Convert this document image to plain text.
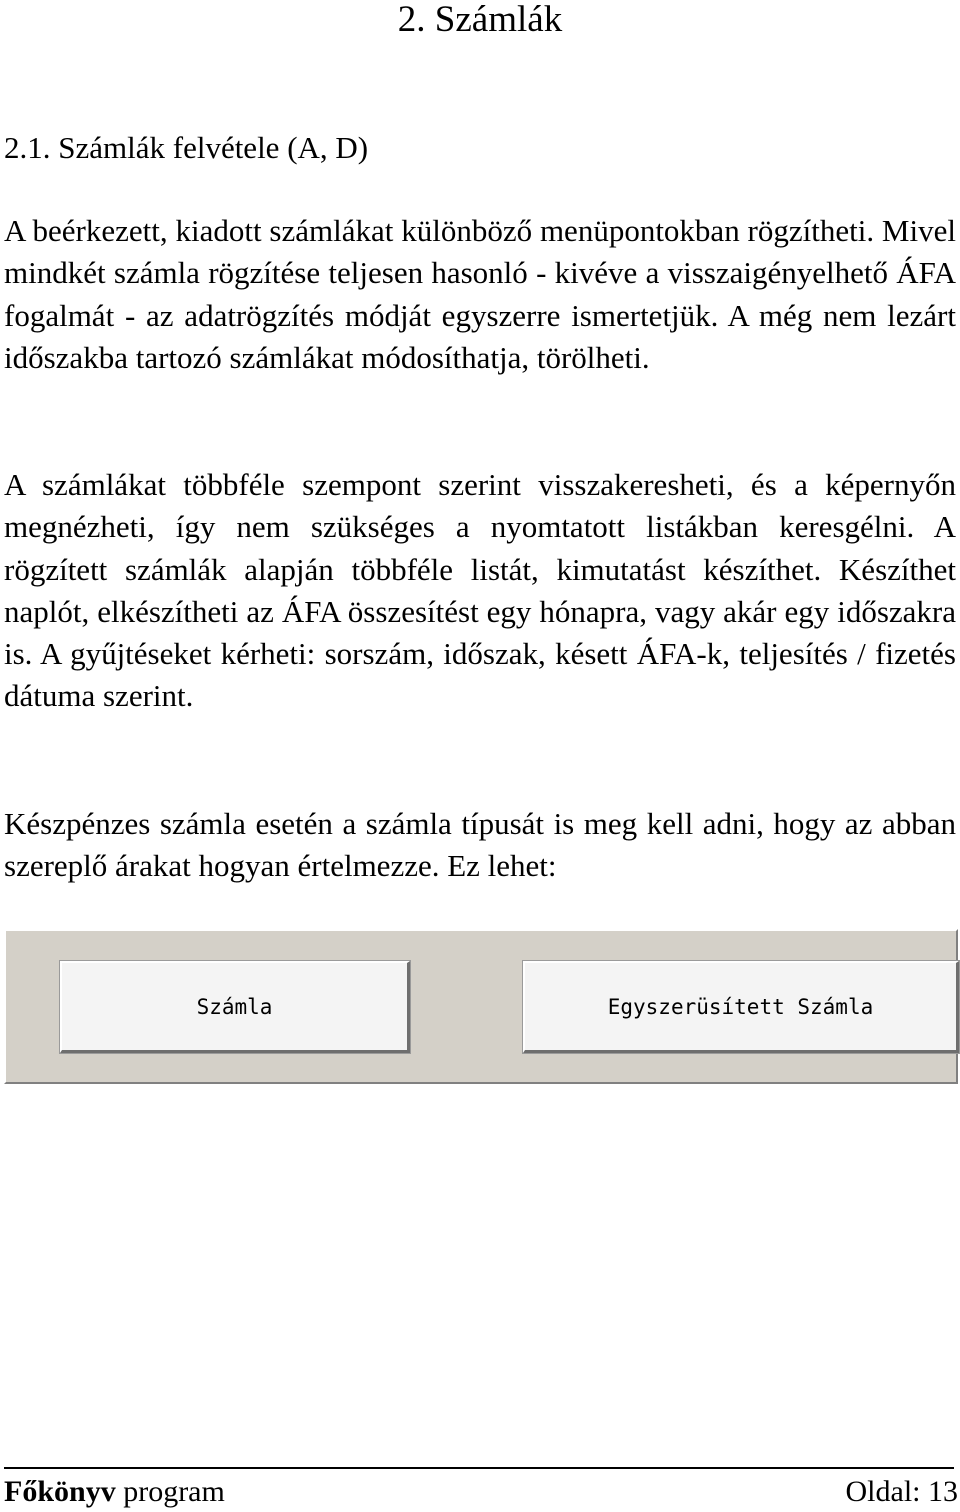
2. Számlák
2.1. Számlák felvétele (A, D)

A beérkezett, kiadott számlákat különböző menüpontokban rögzítheti. Mivel mindkét számla rögzítése teljesen hasonló - kivéve a visszaigényelhető ÁFA fogalmát - az adatrögzítés módját egyszerre ismertetjük. A még nem lezárt időszakba tartozó számlákat módosíthatja, törölheti.

A számlákat többféle szempont szerint visszakeresheti, és a képernyőn megnézheti, így nem szükséges a nyomtatott listákban keresgélni. A rögzített számlák alapján többféle listát, kimutatást készíthet. Készíthet naplót, elkészítheti az ÁFA összesítést egy hónapra, vagy akár egy időszakra is. A gyűjtéseket kérheti: sorszám, időszak, késett ÁFA-k, teljesítés / fizetés dátuma szerint.

Készpénzes számla esetén a számla típusát is meg kell adni, hogy az abban szereplő árakat hogyan értelmezze. Ez lehet:

Számla	Egyszerüsített Számla
Főkönyv program	Oldal: 13
